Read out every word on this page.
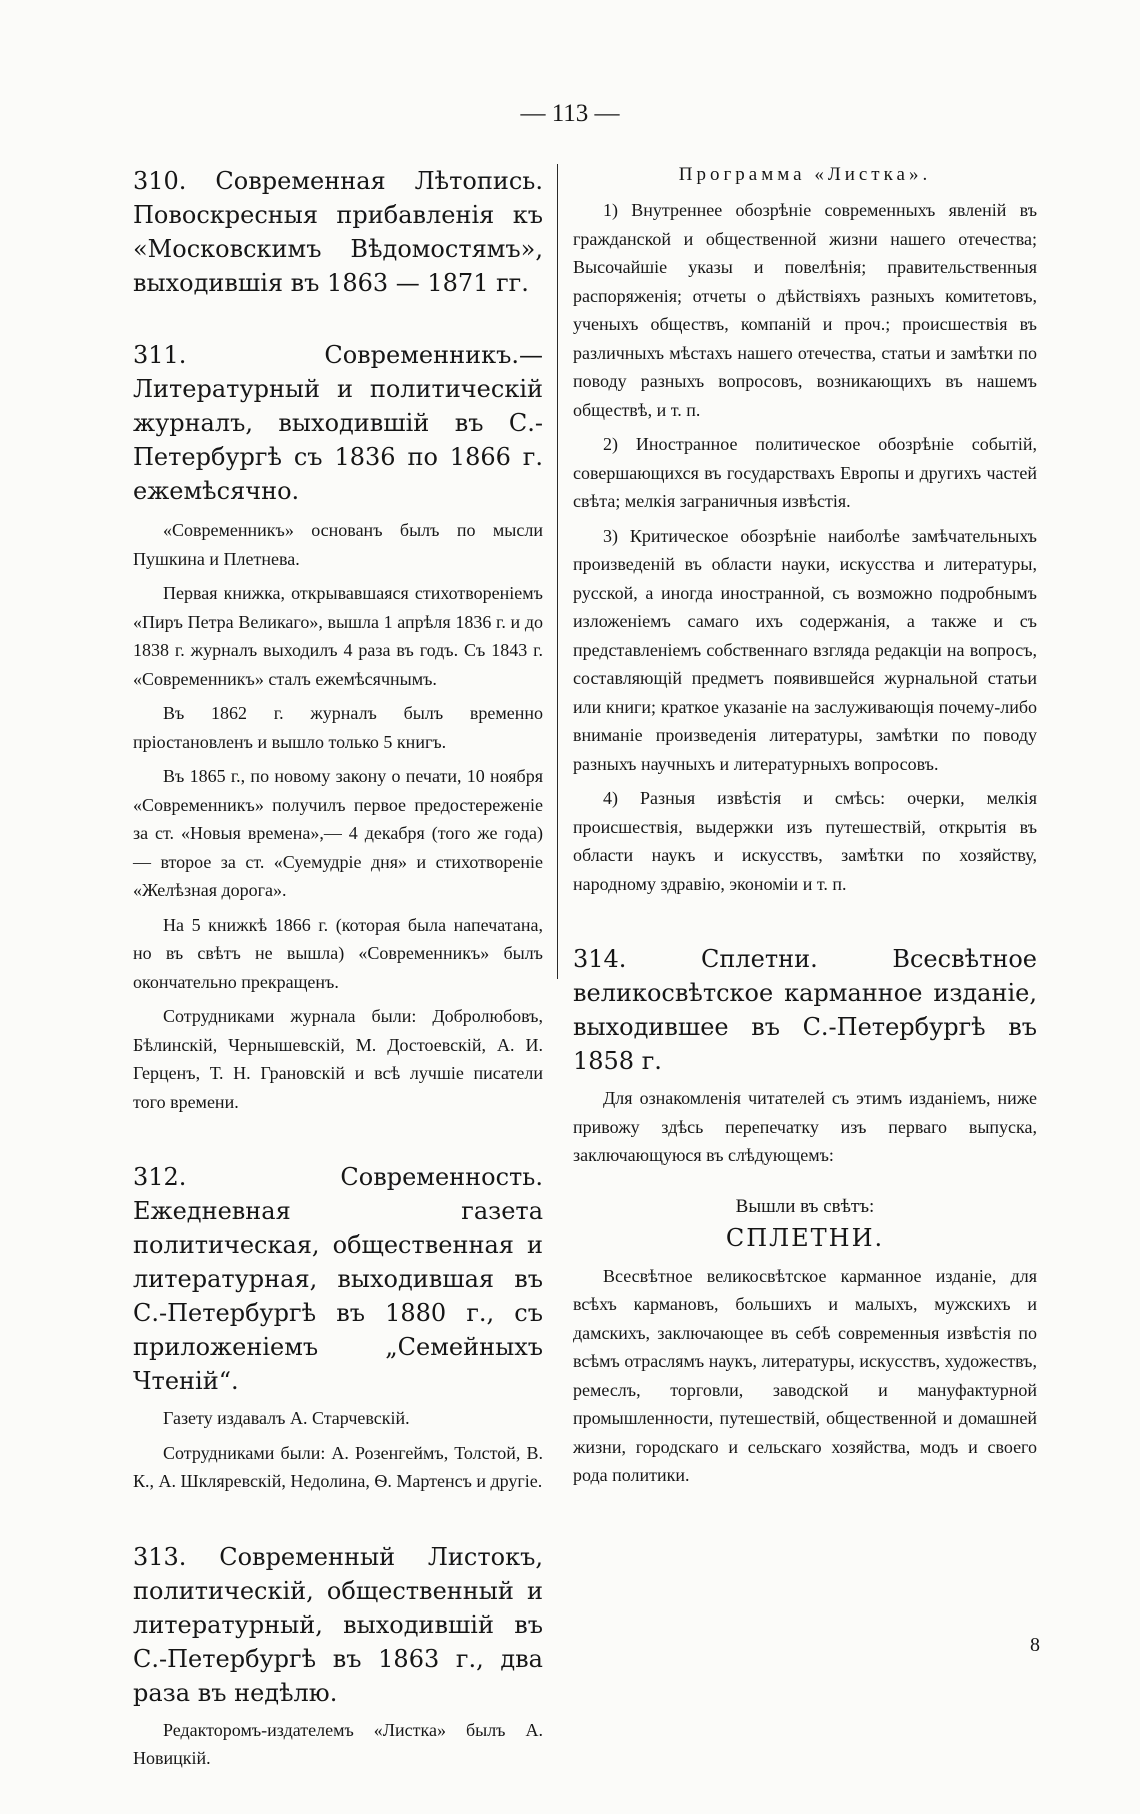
— 113 —

310. Современная Лѣтопись. Повоскресныя прибавленія къ «Московскимъ Вѣдомостямъ», выходившія въ 1863 — 1871 гг.

311. Современникъ.—Литературный и политическій журналъ, выходившій въ С.-Петербургѣ съ 1836 по 1866 г. ежемѣсячно.

«Современникъ» основанъ былъ по мысли Пушкина и Плетнева.

Первая книжка, открывавшаяся стихотвореніемъ «Пиръ Петра Великаго», вышла 1 апрѣля 1836 г. и до 1838 г. журналъ выходилъ 4 раза въ годъ. Съ 1843 г. «Современникъ» сталъ ежемѣсячнымъ.

Въ 1862 г. журналъ былъ временно пріостановленъ и вышло только 5 книгъ.

Въ 1865 г., по новому закону о печати, 10 ноября «Современникъ» получилъ первое предостереженіе за ст. «Новыя времена»,— 4 декабря (того же года) — второе за ст. «Суемудріе дня» и стихотвореніе «Желѣзная дорога».

На 5 книжкѣ 1866 г. (которая была напечатана, но въ свѣтъ не вышла) «Современникъ» былъ окончательно прекращенъ.

Сотрудниками журнала были: Добролюбовъ, Бѣлинскій, Чернышевскій, М. Достоевскій, А. И. Герценъ, Т. Н. Грановскій и всѣ лучшіе писатели того времени.

312. Современность. Ежедневная газета политическая, общественная и литературная, выходившая въ С.-Петербургѣ въ 1880 г., съ приложеніемъ „Семейныхъ Чтеній“.

Газету издавалъ А. Старчевскій.

Сотрудниками были: А. Розенгеймъ, Толстой, В. К., А. Шкляревскій, Недолина, Ѳ. Мартенсъ и другіе.

313. Современный Листокъ, политическій, общественный и литературный, выходившій въ С.-Петербургѣ въ 1863 г., два раза въ недѣлю.

Редакторомъ-издателемъ «Листка» былъ А. Новицкій.

Программа «Листка».

1) Внутреннее обозрѣніе современныхъ явленій въ гражданской и общественной жизни нашего отечества; Высочайшіе указы и повелѣнія; правительственныя распоряженія; отчеты о дѣйствіяхъ разныхъ комитетовъ, ученыхъ обществъ, компаній и проч.; происшествія въ различныхъ мѣстахъ нашего отечества, статьи и замѣтки по поводу разныхъ вопросовъ, возникающихъ въ нашемъ обществѣ, и т. п.

2) Иностранное политическое обозрѣніе событій, совершающихся въ государствахъ Европы и другихъ частей свѣта; мелкія заграничныя извѣстія.

3) Критическое обозрѣніе наиболѣе замѣчательныхъ произведеній въ области науки, искусства и литературы, русской, а иногда иностранной, съ возможно подробнымъ изложеніемъ самаго ихъ содержанія, а также и съ представленіемъ собственнаго взгляда редакціи на вопросъ, составляющій предметъ появившейся журнальной статьи или книги; краткое указаніе на заслуживающія почему-либо вниманіе произведенія литературы, замѣтки по поводу разныхъ научныхъ и литературныхъ вопросовъ.

4) Разныя извѣстія и смѣсь: очерки, мелкія происшествія, выдержки изъ путешествій, открытія въ области наукъ и искусствъ, замѣтки по хозяйству, народному здравію, экономіи и т. п.

314. Сплетни. Всесвѣтное великосвѣтское карманное изданіе, выходившее въ С.-Петербургѣ въ 1858 г.

Для ознакомленія читателей съ этимъ изданіемъ, ниже привожу здѣсь перепечатку изъ перваго выпуска, заключающуюся въ слѣдующемъ:

Вышли въ свѣтъ:

СПЛЕТНИ.

Всесвѣтное великосвѣтское карманное изданіе, для всѣхъ кармановъ, большихъ и малыхъ, мужскихъ и дамскихъ, заключающее въ себѣ современныя извѣстія по всѣмъ отраслямъ наукъ, литературы, искусствъ, художествъ, ремеслъ, торговли, заводской и мануфактурной промышленности, путешествій, общественной и домашней жизни, городскаго и сельскаго хозяйства, модъ и своего рода политики.

8
